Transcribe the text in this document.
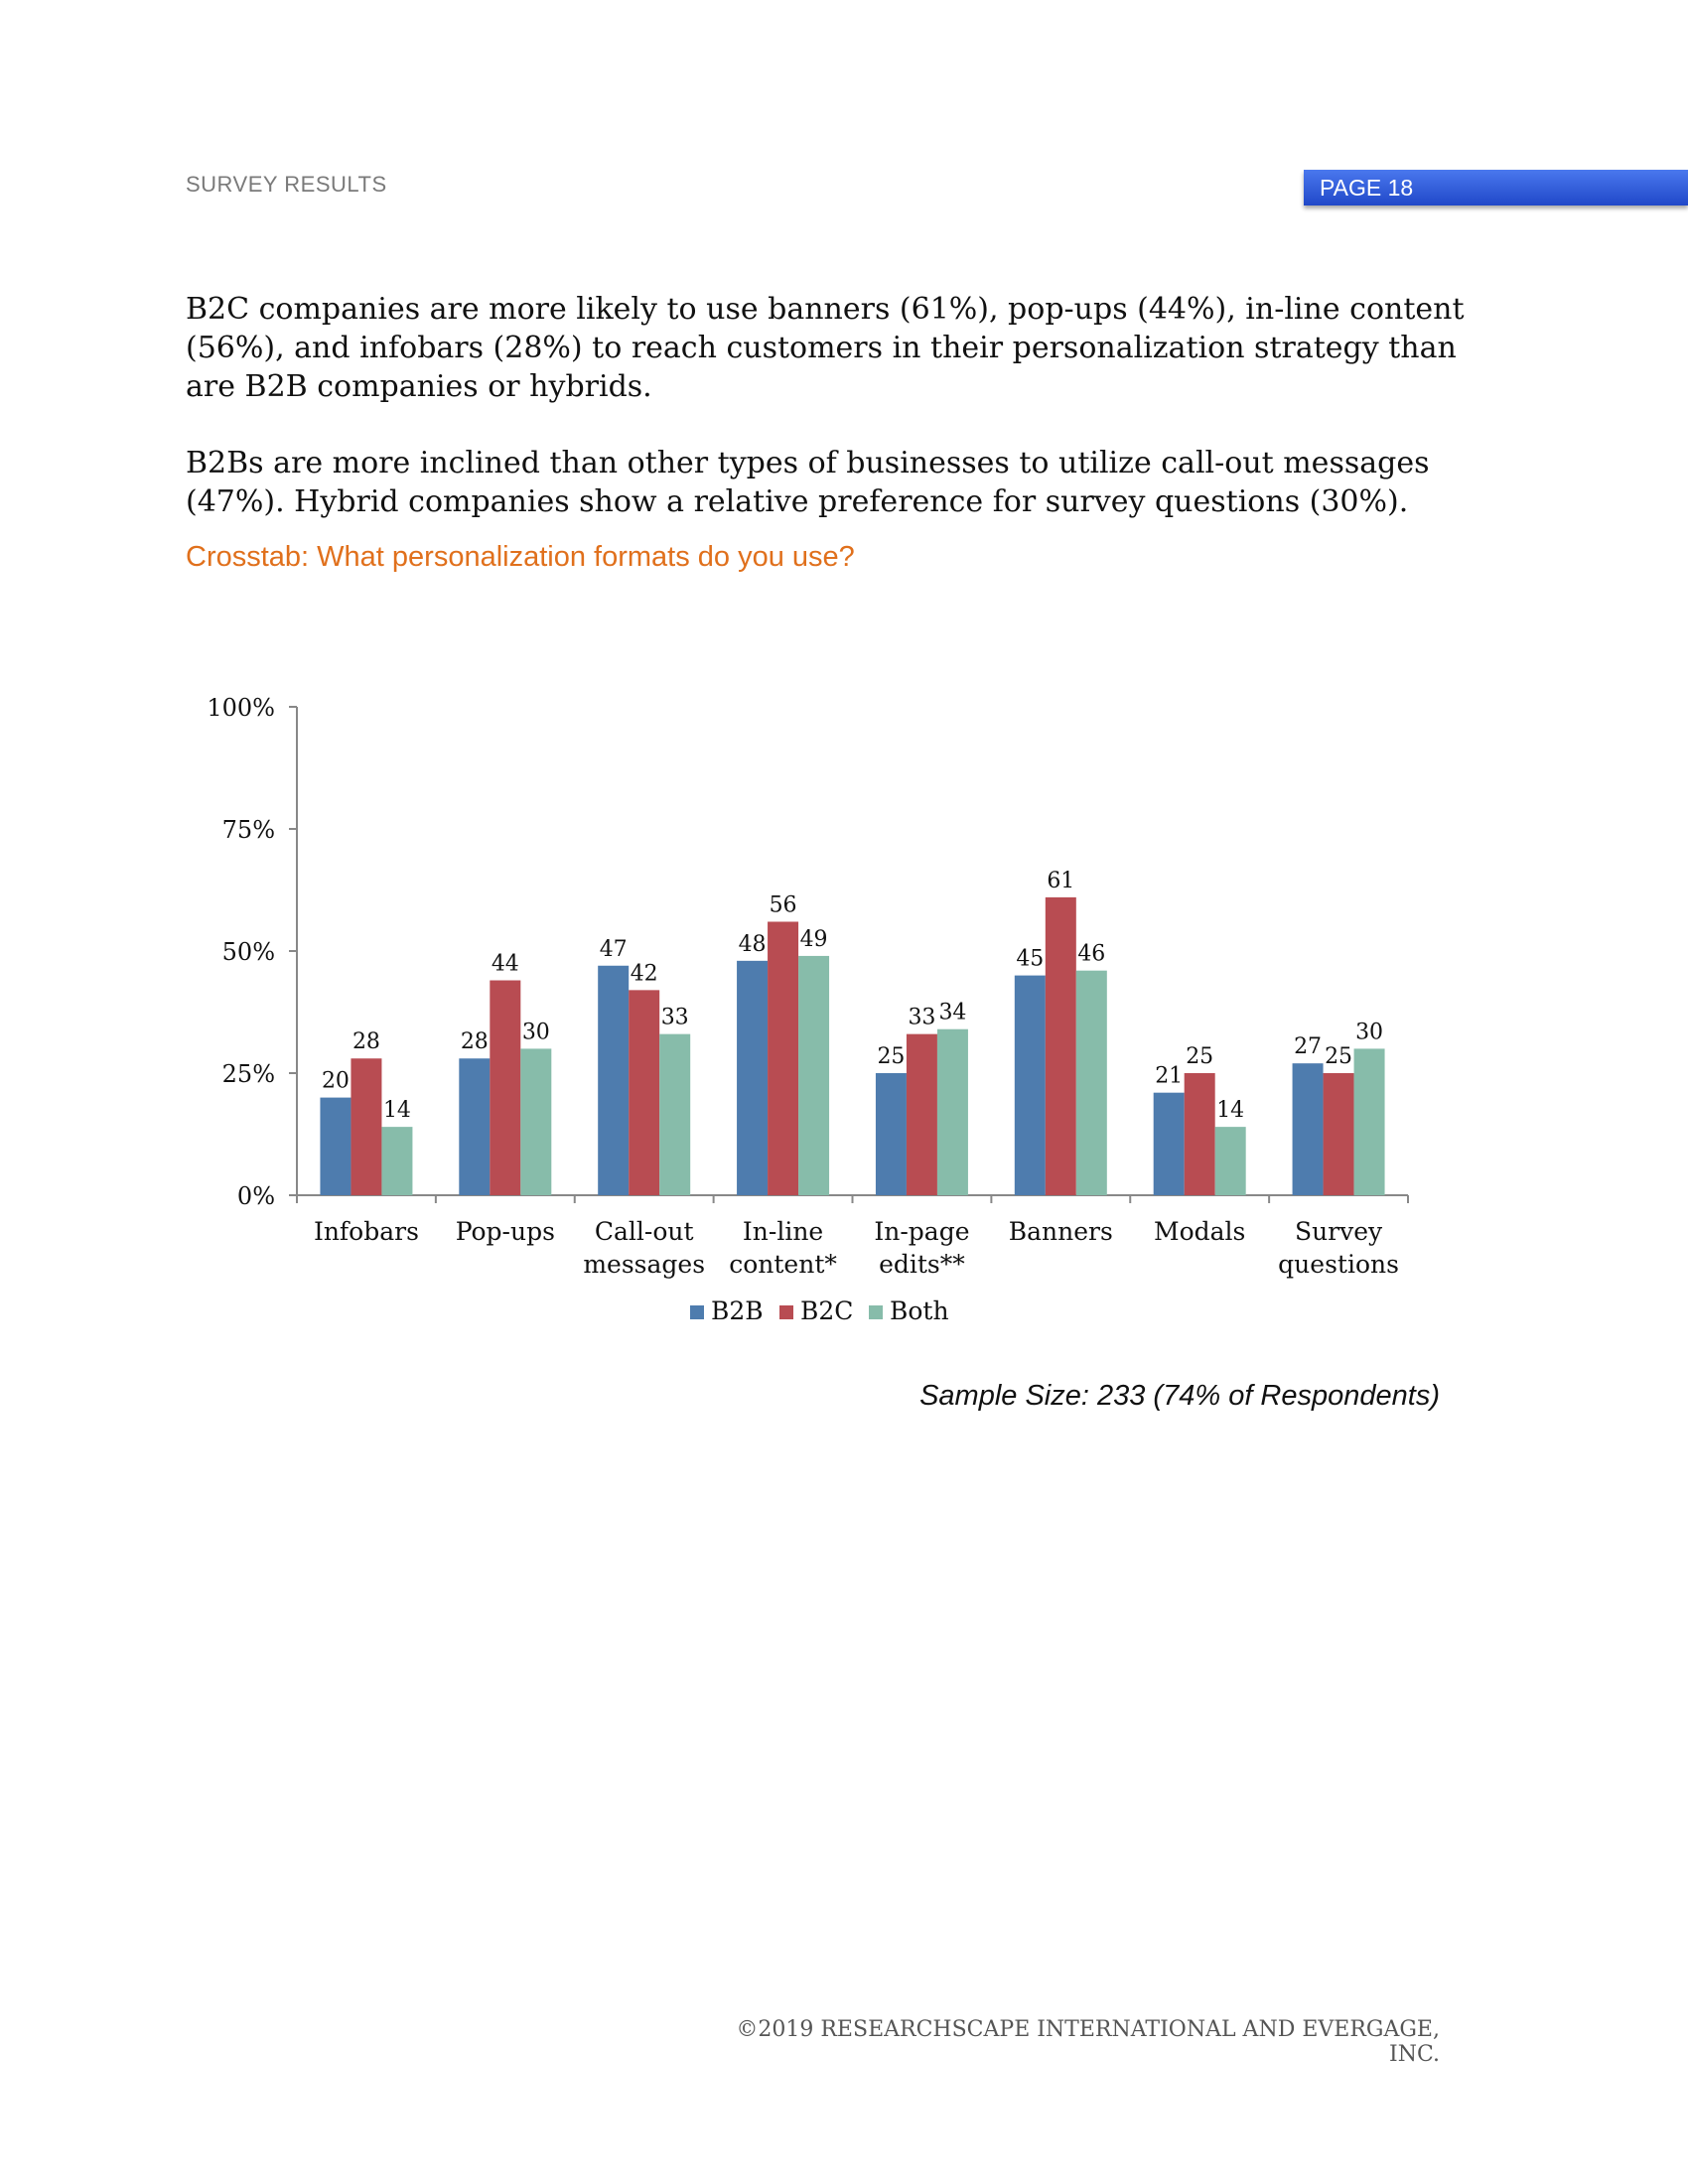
SURVEY RESULTS	PAGE 18

B2C companies are more likely to use banners (61%), pop-ups (44%), in-line content (56%), and infobars (28%) to reach customers in their personalization strategy than are B2B companies or hybrids.

B2Bs are more inclined than other types of businesses to utilize call-out messages (47%). Hybrid companies show a relative preference for survey questions (30%).

Crosstab: What personalization formats do you use?
0%
25%
50%
75%
100%
20
28
14
Infobars
28
44
30
Pop-ups
47
42
33
Call-out
messages
48
56
49
In-line
content*
25
33 34
In-page
edits**
45
61
46
Banners
21
25
14
Modals
27 25
30
Survey
questions
B2B B2C Both
Sample Size: 233 (74% of Respondents)
©2019 RESEARCHSCAPE INTERNATIONAL AND EVERGAGE, INC.
